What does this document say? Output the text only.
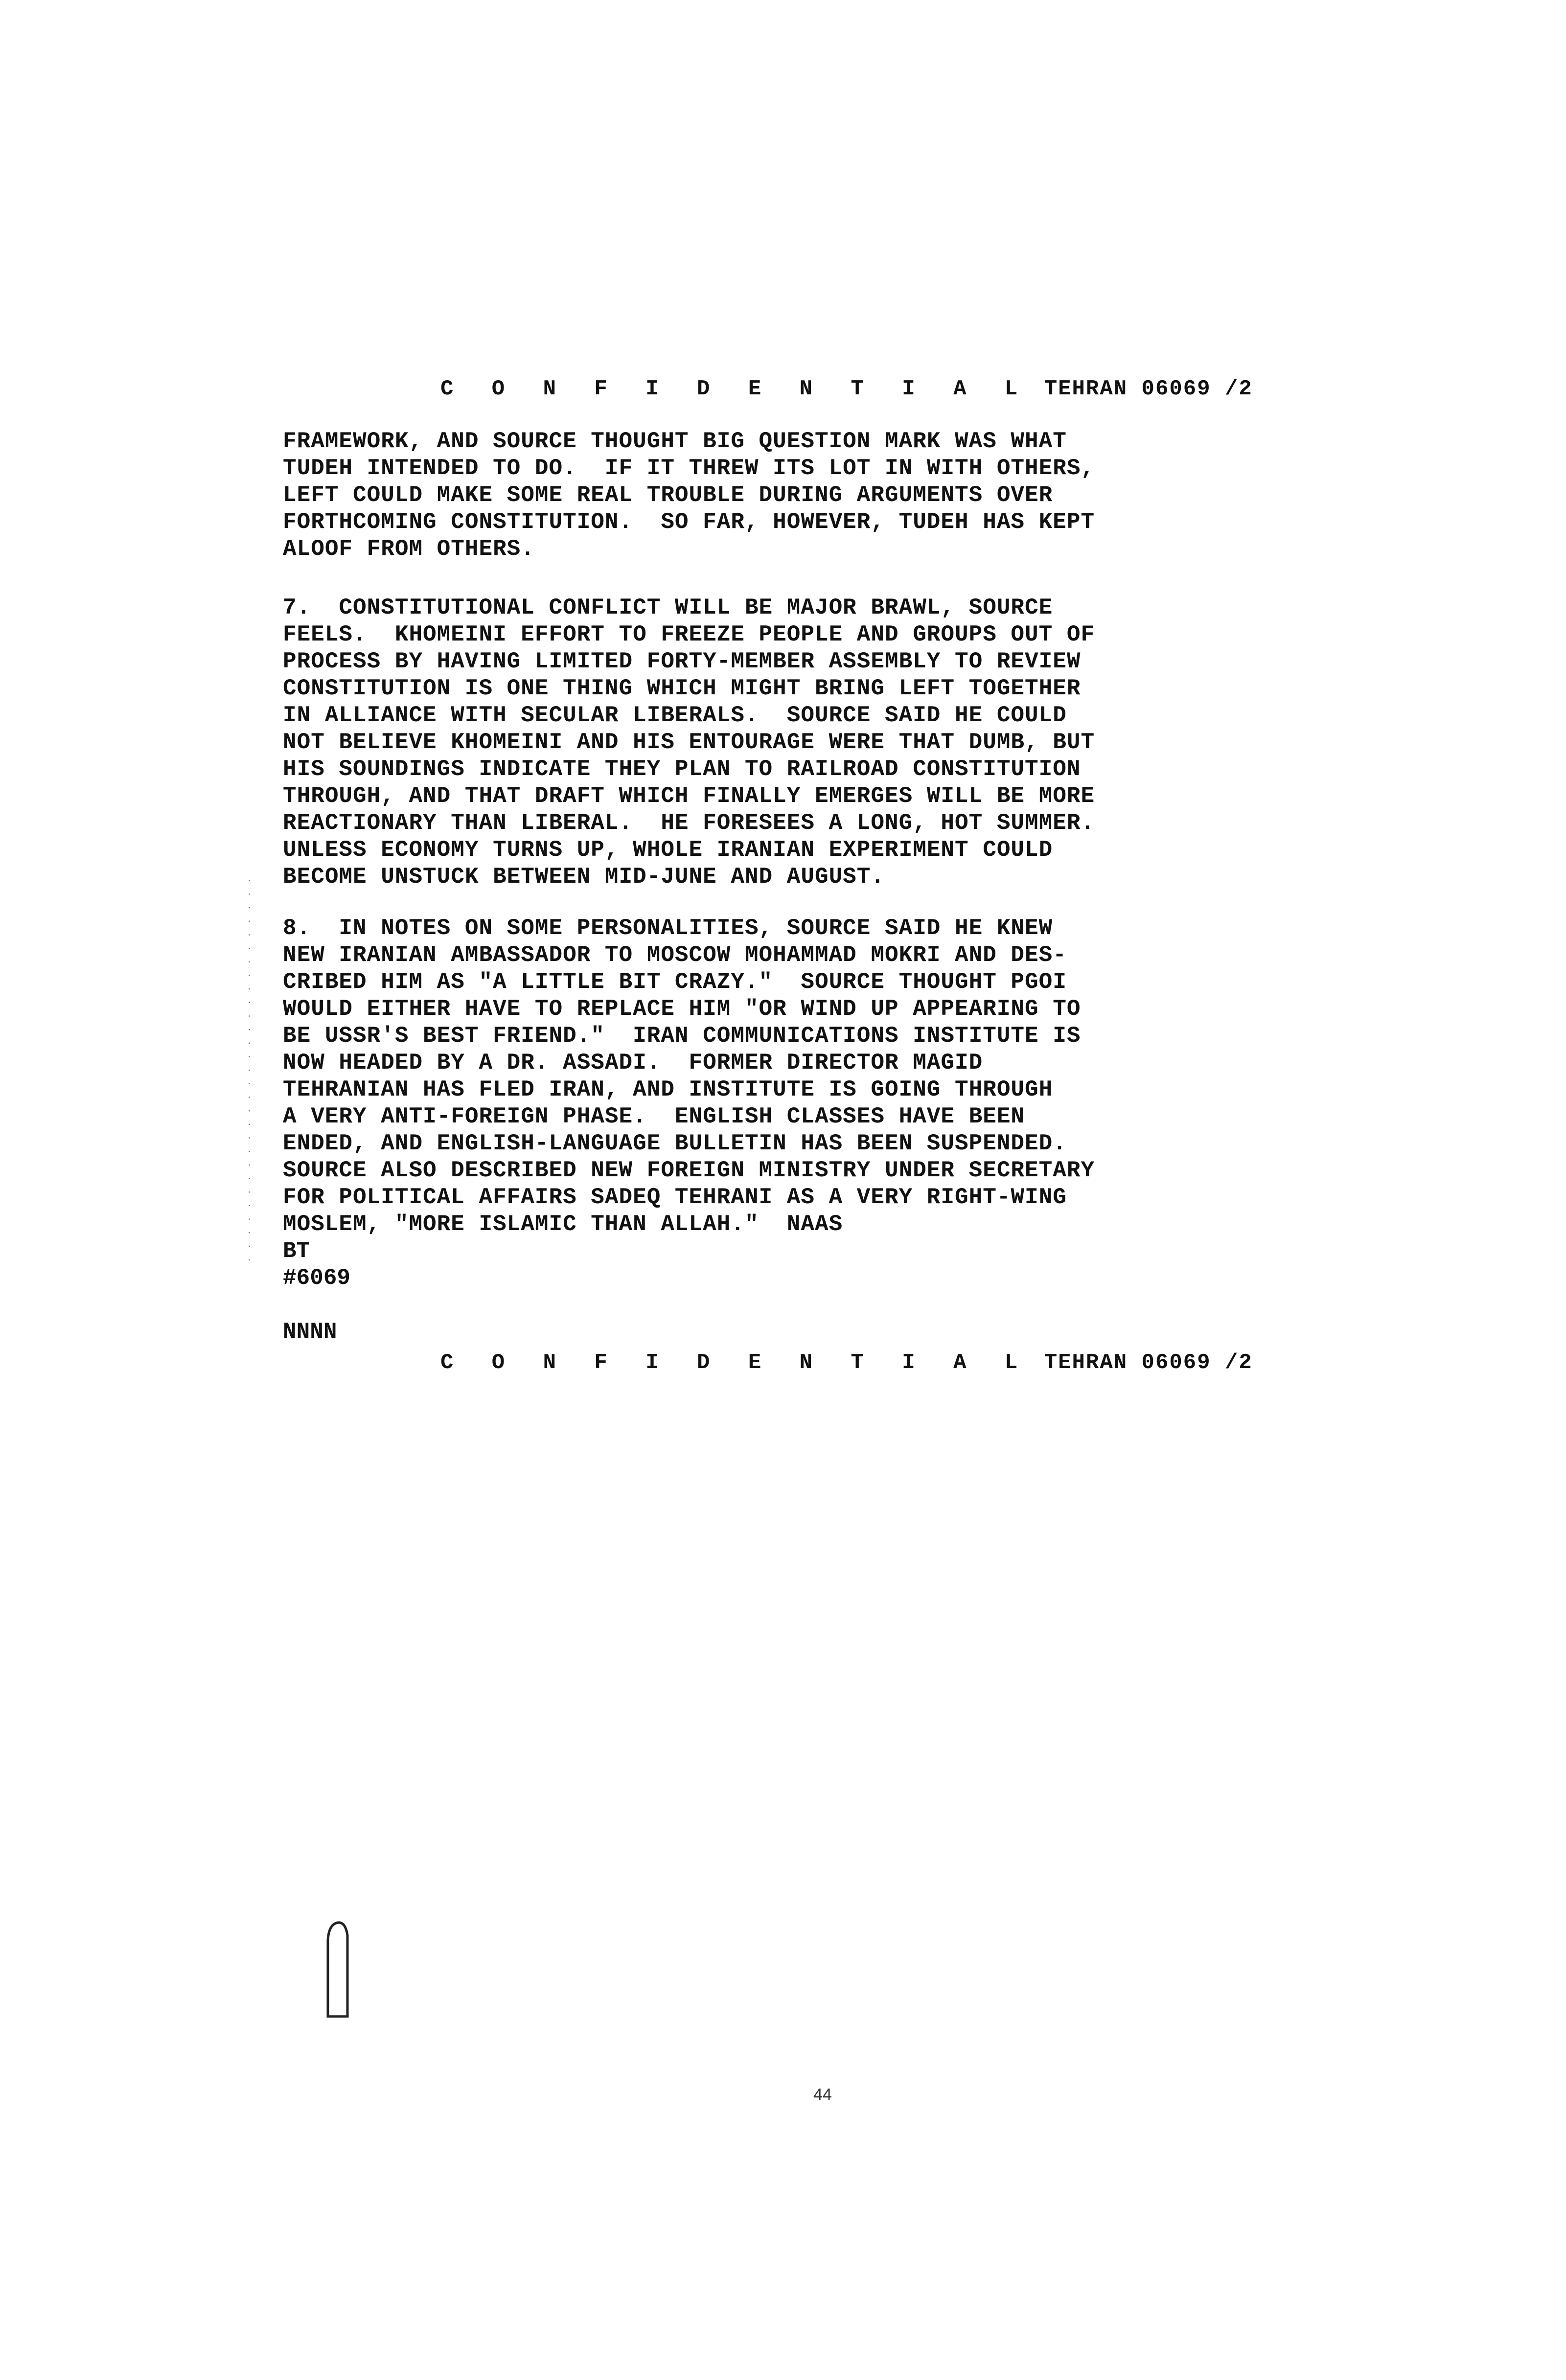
C O N F I D E N T I A L TEHRAN 06069 /2
FRAMEWORK, AND SOURCE THOUGHT BIG QUESTION MARK WAS WHAT
TUDEH INTENDED TO DO.  IF IT THREW ITS LOT IN WITH OTHERS,
LEFT COULD MAKE SOME REAL TROUBLE DURING ARGUMENTS OVER
FORTHCOMING CONSTITUTION.  SO FAR, HOWEVER, TUDEH HAS KEPT
ALOOF FROM OTHERS.
7.  CONSTITUTIONAL CONFLICT WILL BE MAJOR BRAWL, SOURCE
FEELS.  KHOMEINI EFFORT TO FREEZE PEOPLE AND GROUPS OUT OF
PROCESS BY HAVING LIMITED FORTY-MEMBER ASSEMBLY TO REVIEW
CONSTITUTION IS ONE THING WHICH MIGHT BRING LEFT TOGETHER
IN ALLIANCE WITH SECULAR LIBERALS.  SOURCE SAID HE COULD
NOT BELIEVE KHOMEINI AND HIS ENTOURAGE WERE THAT DUMB, BUT
HIS SOUNDINGS INDICATE THEY PLAN TO RAILROAD CONSTITUTION
THROUGH, AND THAT DRAFT WHICH FINALLY EMERGES WILL BE MORE
REACTIONARY THAN LIBERAL.  HE FORESEES A LONG, HOT SUMMER.
UNLESS ECONOMY TURNS UP, WHOLE IRANIAN EXPERIMENT COULD
BECOME UNSTUCK BETWEEN MID-JUNE AND AUGUST.
· · · · · · · · · · · · · · · · · · · · · · · · · · · · · 8.  IN NOTES ON SOME PERSONALITIES, SOURCE SAID HE KNEW
NEW IRANIAN AMBASSADOR TO MOSCOW MOHAMMAD MOKRI AND DES-
CRIBED HIM AS "A LITTLE BIT CRAZY."  SOURCE THOUGHT PGOI
WOULD EITHER HAVE TO REPLACE HIM "OR WIND UP APPEARING TO
BE USSR'S BEST FRIEND."  IRAN COMMUNICATIONS INSTITUTE IS
NOW HEADED BY A DR. ASSADI.  FORMER DIRECTOR MAGID
TEHRANIAN HAS FLED IRAN, AND INSTITUTE IS GOING THROUGH
A VERY ANTI-FOREIGN PHASE.  ENGLISH CLASSES HAVE BEEN
ENDED, AND ENGLISH-LANGUAGE BULLETIN HAS BEEN SUSPENDED.
SOURCE ALSO DESCRIBED NEW FOREIGN MINISTRY UNDER SECRETARY
FOR POLITICAL AFFAIRS SADEQ TEHRANI AS A VERY RIGHT-WING
MOSLEM, "MORE ISLAMIC THAN ALLAH."  NAAS
BT
#6069
NNNN
C O N F I D E N T I A L TEHRAN 06069 /2
44
